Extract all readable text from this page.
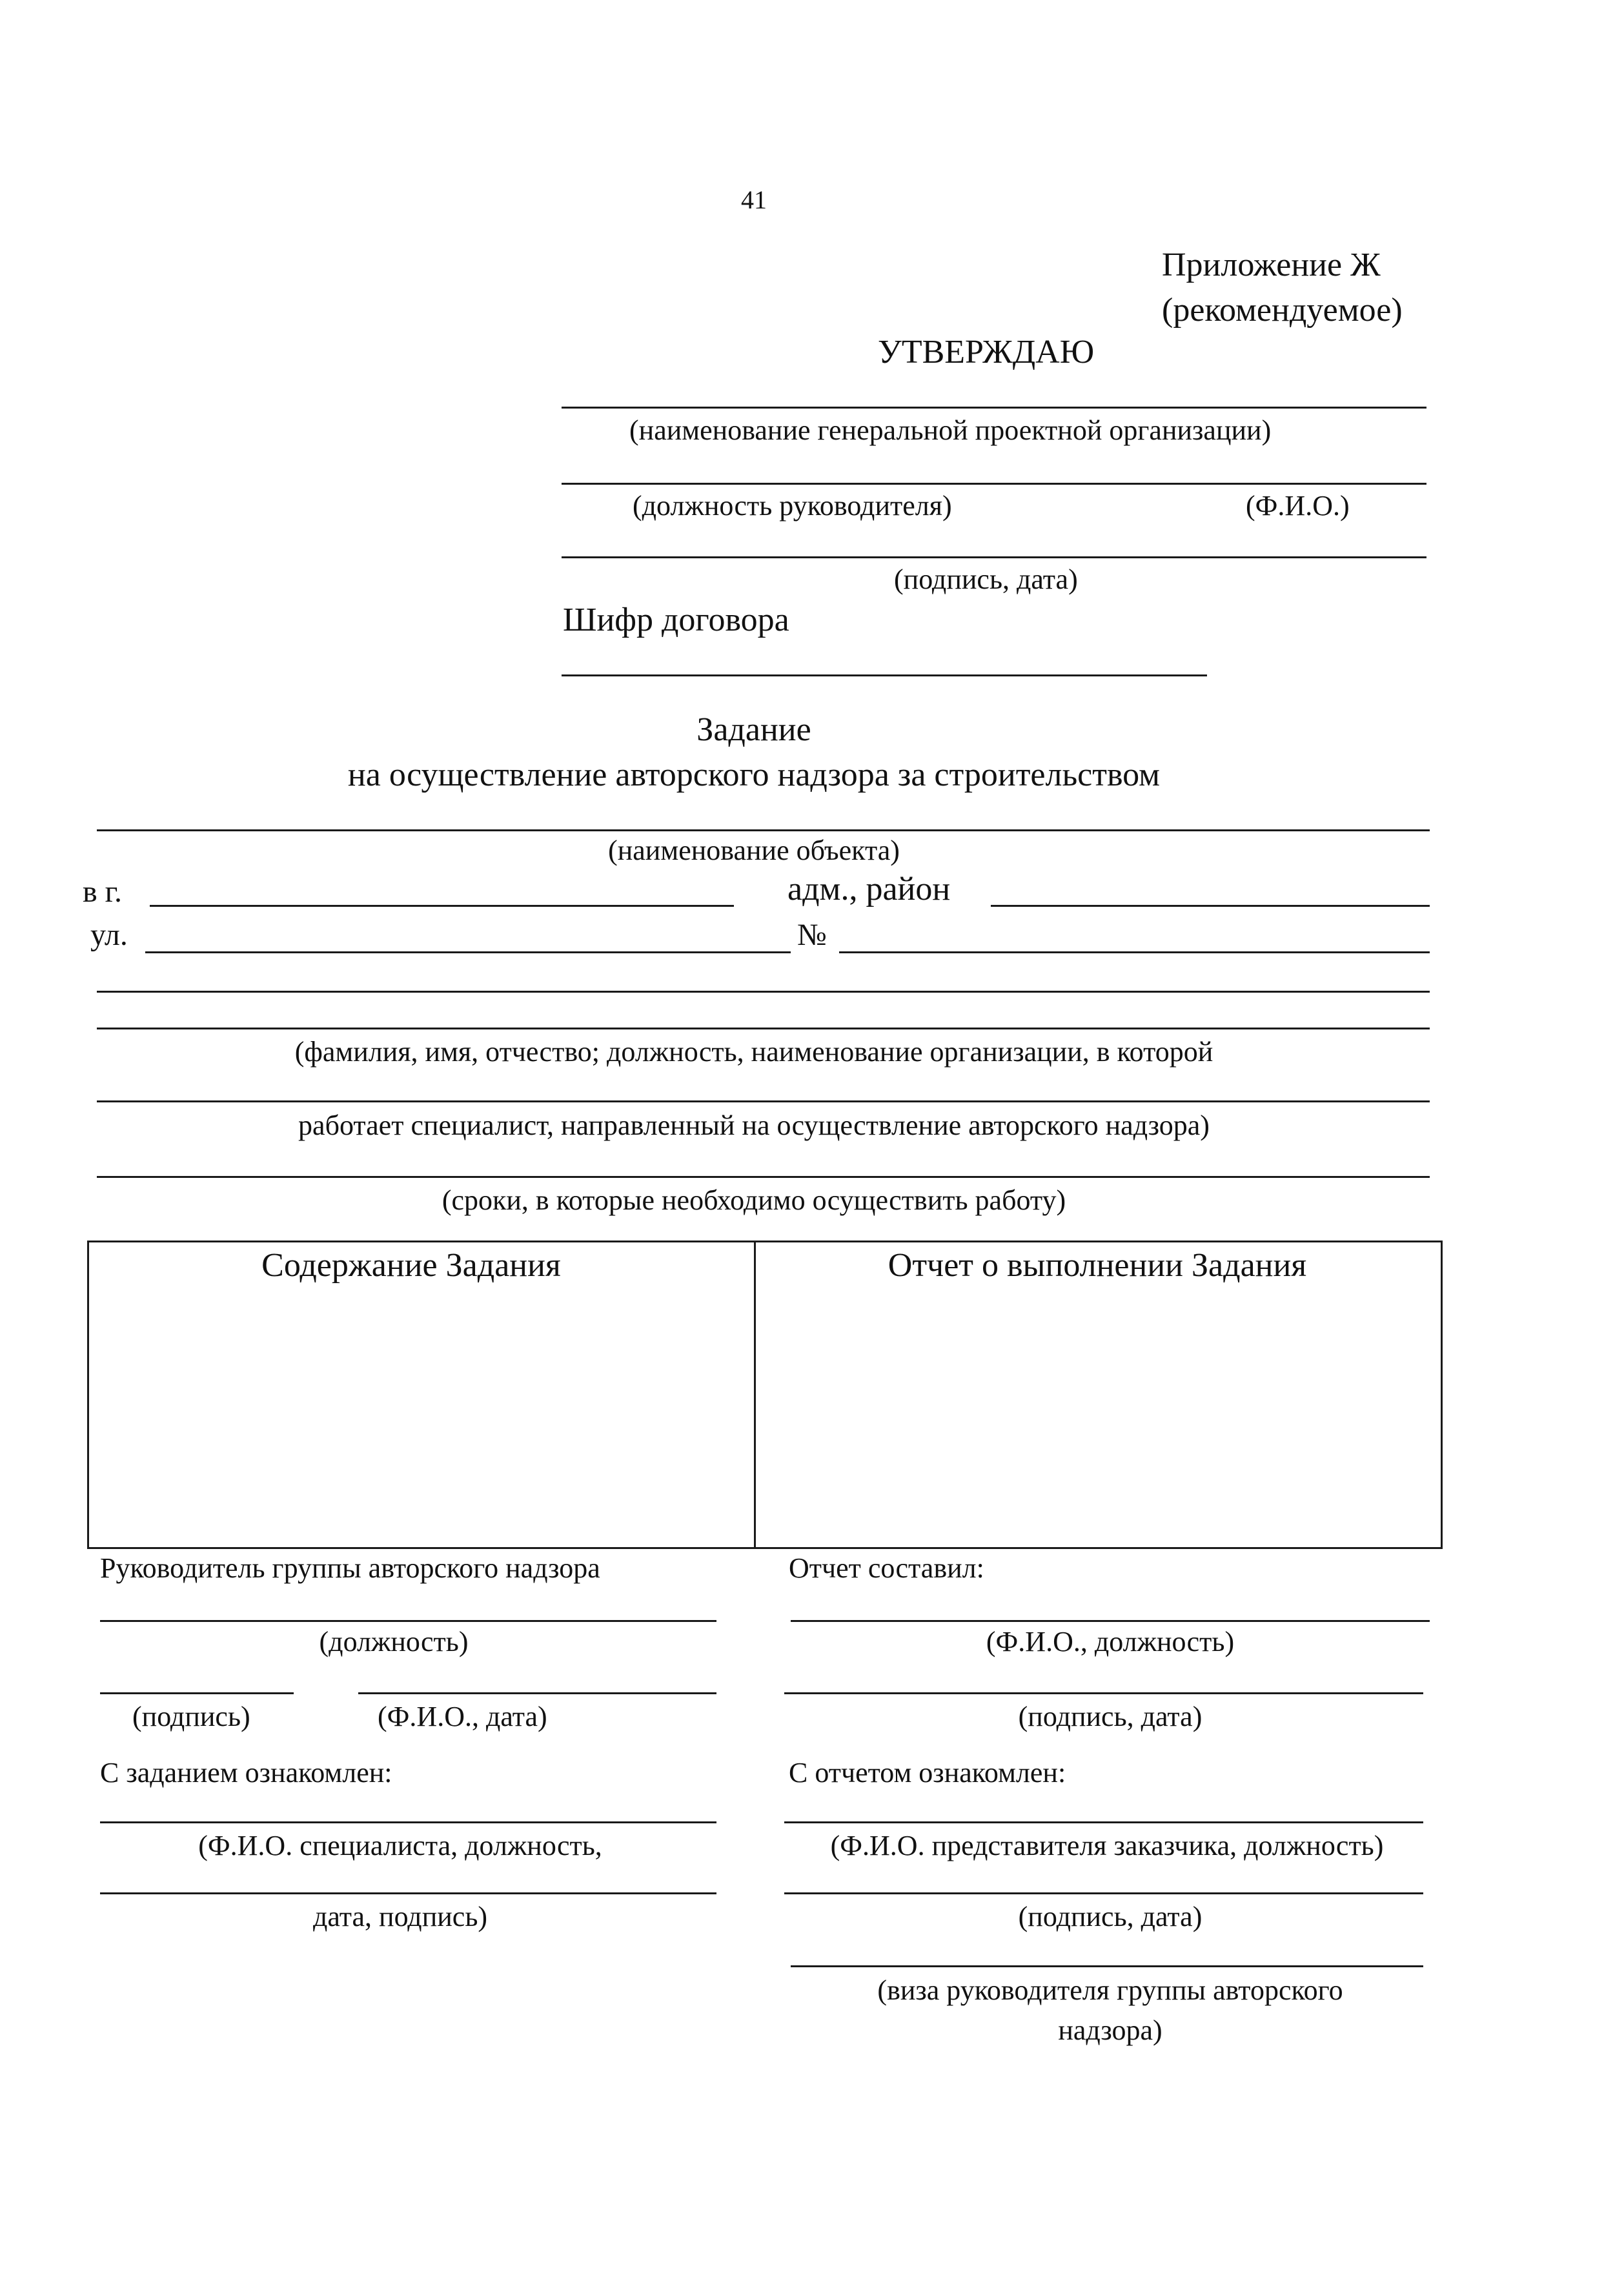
41
Приложение Ж
(рекомендуемое)
УТВЕРЖДАЮ
(наименование генеральной проектной организации)
(должность руководителя)	(Ф.И.О.)
(подпись, дата)
Шифр договора
Задание
на осуществление авторского надзора за строительством
(наименование объекта)
в г.	адм., район
ул.	№
(фамилия, имя, отчество; должность, наименование организации, в которой
работает специалист, направленный на осуществление авторского надзора)
(сроки, в которые необходимо осуществить работу)
Содержание Задания	Отчет о выполнении Задания
Руководитель группы авторского надзора
(должность)
(подпись)	(Ф.И.О., дата)
С заданием ознакомлен:
(Ф.И.О. специалиста, должность,
дата, подпись)
Отчет составил:
(Ф.И.О., должность)
(подпись, дата)
С отчетом ознакомлен:
(Ф.И.О. представителя заказчика, должность)
(подпись, дата)
(виза руководителя группы авторского
надзора)
